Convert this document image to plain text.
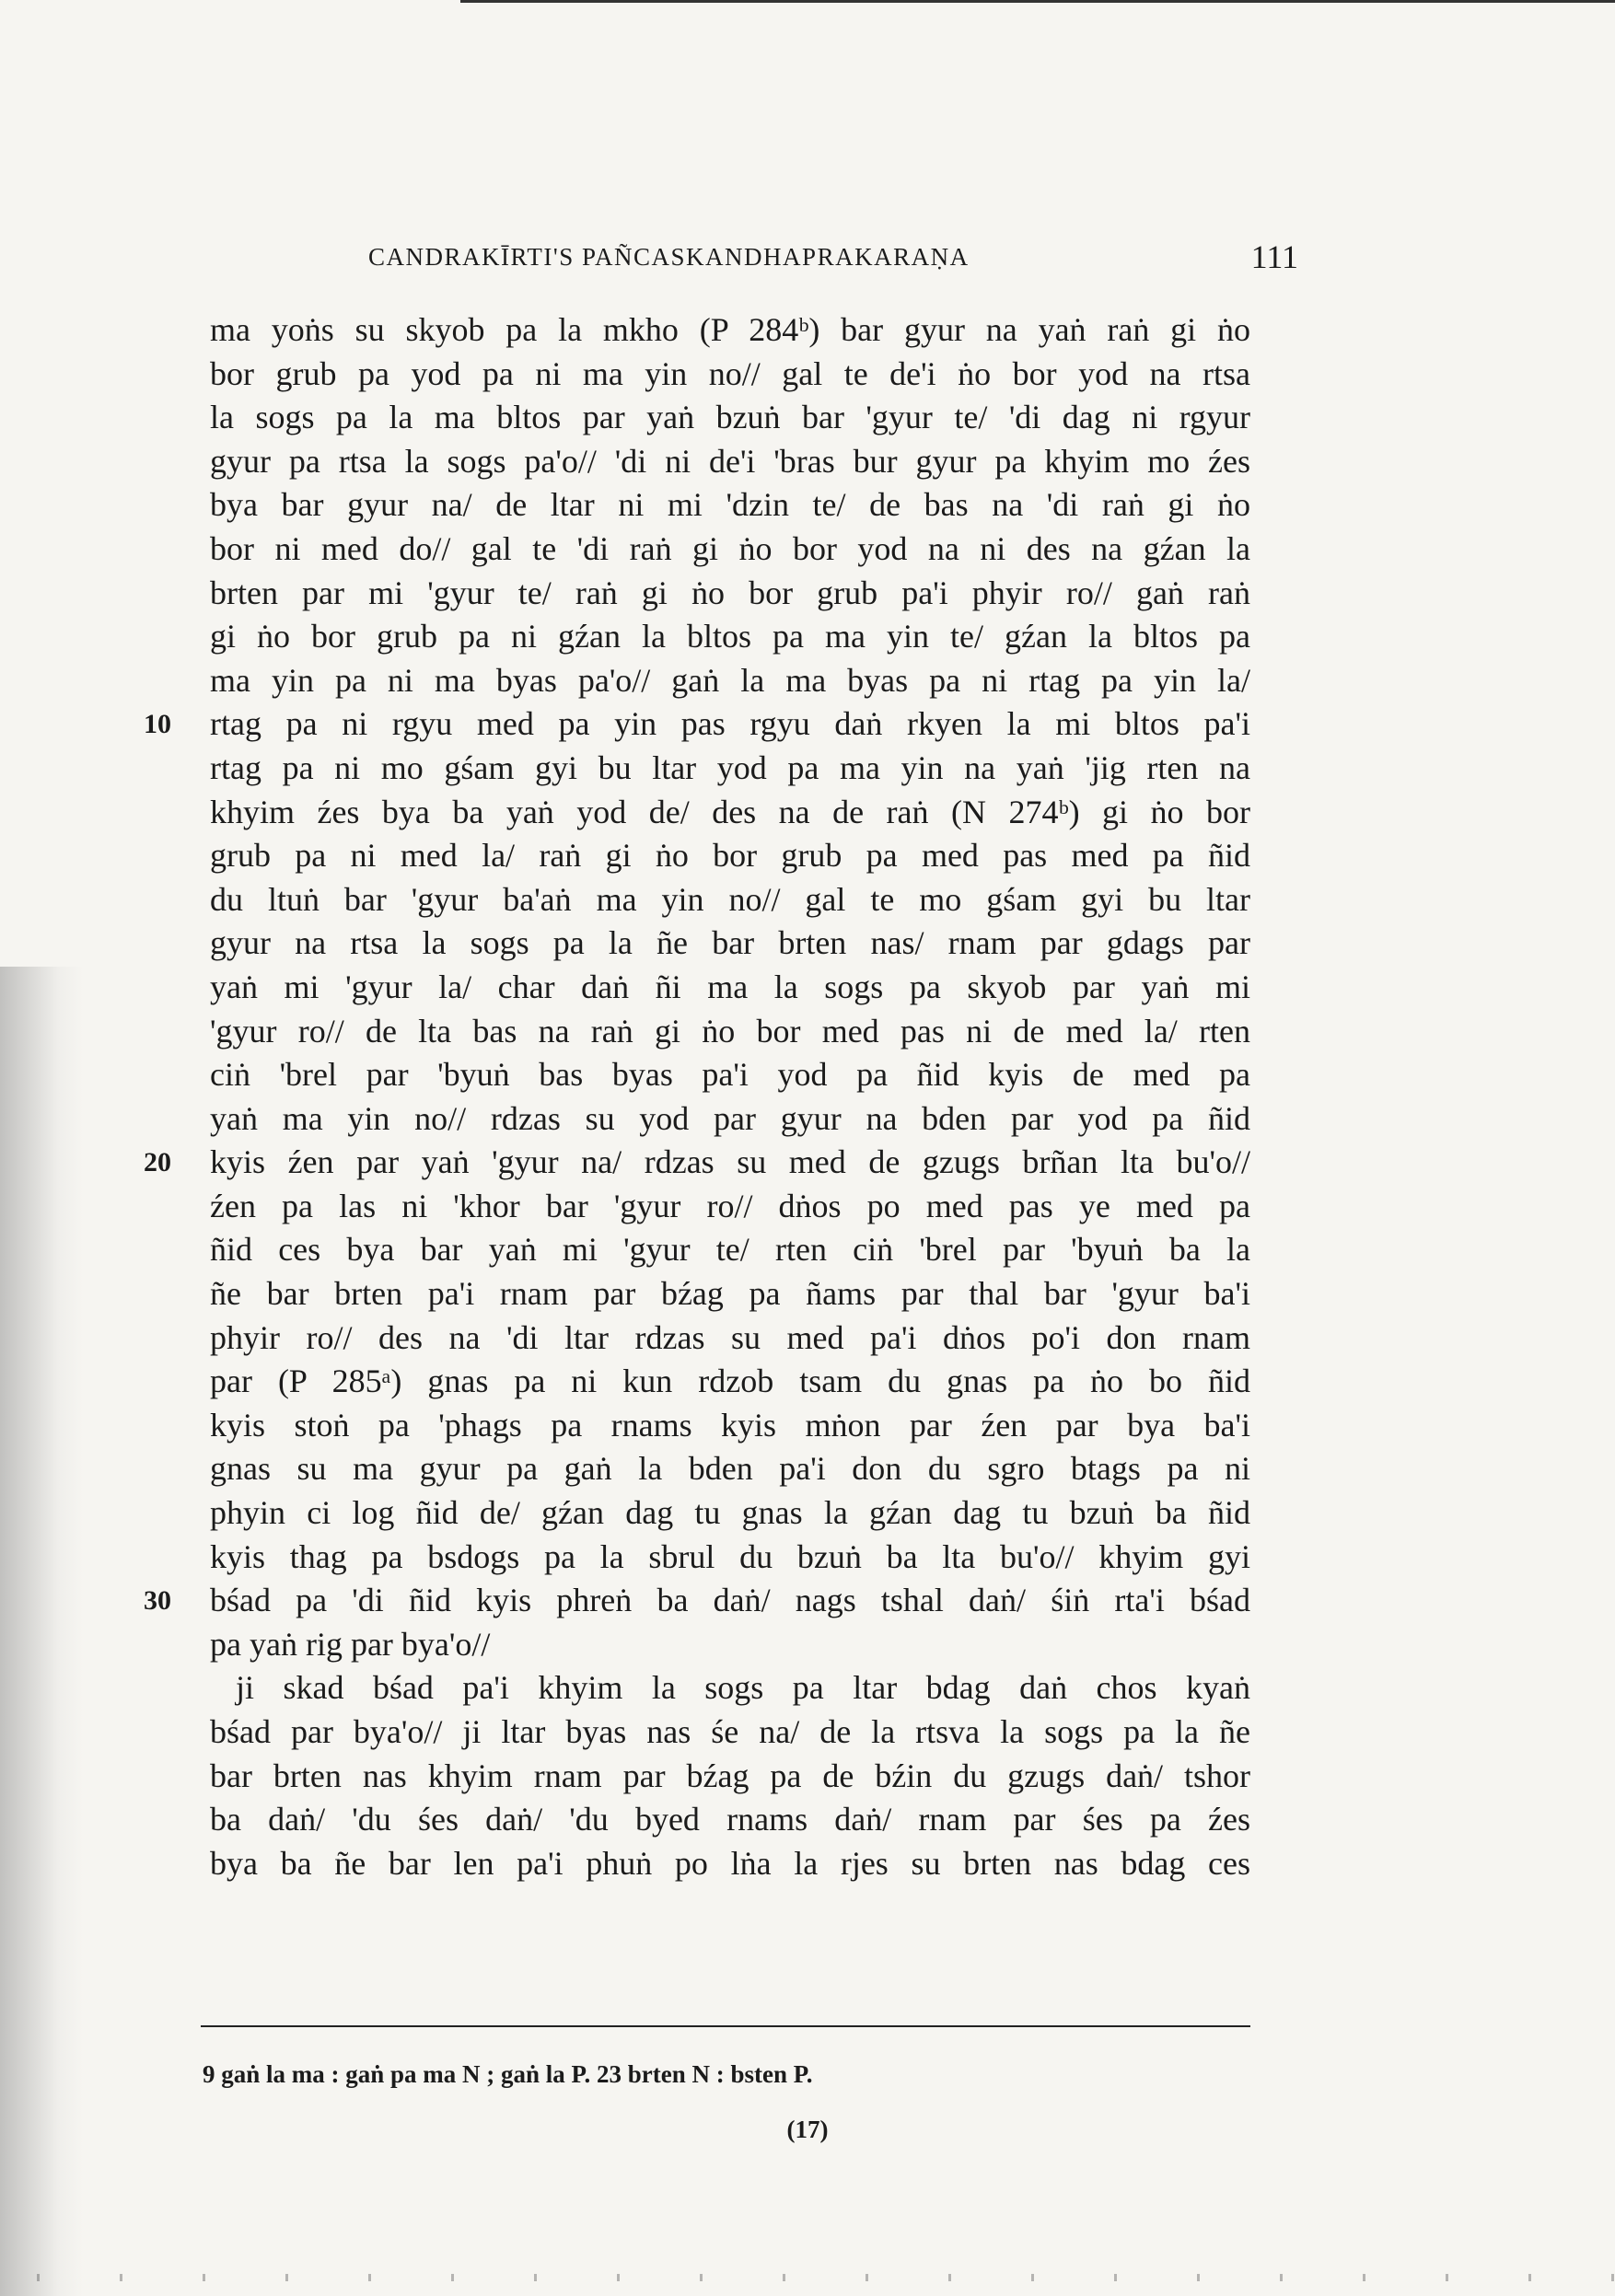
CANDRAKĪRTI'S PAÑCASKANDHAPRAKARAṆA	111
ma yoṅs su skyob pa la mkho (P 284ᵇ) bar gyur na yaṅ raṅ gi ṅo
bor grub pa yod pa ni ma yin no// gal te de'i ṅo bor yod na rtsa
la sogs pa la ma bltos par yaṅ bzuṅ bar 'gyur te/ 'di dag ni rgyur
gyur pa rtsa la sogs pa'o// 'di ni de'i 'bras bur gyur pa khyim mo źes
bya bar gyur na/ de ltar ni mi 'dzin te/ de bas na 'di raṅ gi ṅo
bor ni med do// gal te 'di raṅ gi ṅo bor yod na ni des na gźan la
brten par mi 'gyur te/ raṅ gi ṅo bor grub pa'i phyir ro// gaṅ raṅ
gi ṅo bor grub pa ni gźan la bltos pa ma yin te/ gźan la bltos pa
ma yin pa ni ma byas pa'o// gaṅ la ma byas pa ni rtag pa yin la/
10 rtag pa ni rgyu med pa yin pas rgyu daṅ rkyen la mi bltos pa'i
rtag pa ni mo gśam gyi bu ltar yod pa ma yin na yaṅ 'jig rten na
khyim źes bya ba yaṅ yod de/ des na de raṅ (N 274ᵇ) gi ṅo bor
grub pa ni med la/ raṅ gi ṅo bor grub pa med pas med pa ñid
du ltuṅ bar 'gyur ba'aṅ ma yin no// gal te mo gśam gyi bu ltar
gyur na rtsa la sogs pa la ñe bar brten nas/ rnam par gdags par
yaṅ mi 'gyur la/ char daṅ ñi ma la sogs pa skyob par yaṅ mi
'gyur ro// de lta bas na raṅ gi ṅo bor med pas ni de med la/ rten
ciṅ 'brel par 'byuṅ bas byas pa'i yod pa ñid kyis de med pa
yaṅ ma yin no// rdzas su yod par gyur na bden par yod pa ñid
20 kyis źen par yaṅ 'gyur na/ rdzas su med de gzugs brñan lta bu'o//
źen pa las ni 'khor bar 'gyur ro// dṅos po med pas ye med pa
ñid ces bya bar yaṅ mi 'gyur te/ rten ciṅ 'brel par 'byuṅ ba la
ñe bar brten pa'i rnam par bźag pa ñams par thal bar 'gyur ba'i
phyir ro// des na 'di ltar rdzas su med pa'i dṅos po'i don rnam
par (P 285ᵃ) gnas pa ni kun rdzob tsam du gnas pa ṅo bo ñid
kyis stoṅ pa 'phags pa rnams kyis mṅon par źen par bya ba'i
gnas su ma gyur pa gaṅ la bden pa'i don du sgro btags pa ni
phyin ci log ñid de/ gźan dag tu gnas la gźan dag tu bzuṅ ba ñid
kyis thag pa bsdogs pa la sbrul du bzuṅ ba lta bu'o// khyim gyi
30 bśad pa 'di ñid kyis phreṅ ba daṅ/ nags tshal daṅ/ śiṅ rta'i bśad
pa yaṅ rig par bya'o//
ji skad bśad pa'i khyim la sogs pa ltar bdag daṅ chos kyaṅ
bśad par bya'o// ji ltar byas nas śe na/ de la rtsva la sogs pa la ñe
bar brten nas khyim rnam par bźag pa de bźin du gzugs daṅ/ tshor
ba daṅ/ 'du śes daṅ/ 'du byed rnams daṅ/ rnam par śes pa źes
bya ba ñe bar len pa'i phuṅ po lṅa la rjes su brten nas bdag ces
9 gaṅ la ma : gaṅ pa ma N ; gaṅ la P. 23 brten N : bsten P.
(17)
